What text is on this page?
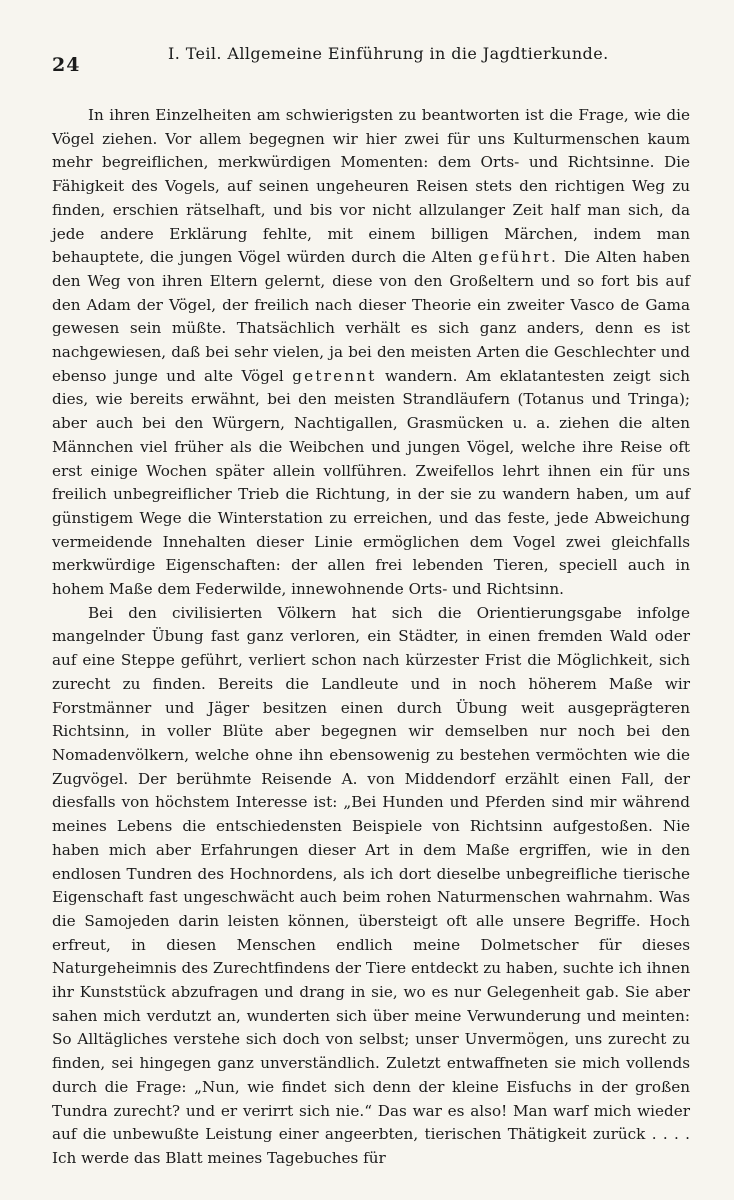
24
I. Teil. Allgemeine Einführung in die Jagdtierkunde.

In ihren Einzelheiten am schwierigsten zu beantworten ist die Frage, wie die Vögel ziehen. Vor allem begegnen wir hier zwei für uns Kulturmenschen kaum mehr begreiflichen, merkwürdigen Momenten: dem Orts- und Richtsinne. Die Fähigkeit des Vogels, auf seinen ungeheuren Reisen stets den richtigen Weg zu finden, erschien rätselhaft, und bis vor nicht allzulanger Zeit half man sich, da jede andere Erklärung fehlte, mit einem billigen Märchen, indem man behauptete, die jungen Vögel würden durch die Alten geführt. Die Alten haben den Weg von ihren Eltern gelernt, diese von den Großeltern und so fort bis auf den Adam der Vögel, der freilich nach dieser Theorie ein zweiter Vasco de Gama gewesen sein müßte. Thatsächlich verhält es sich ganz anders, denn es ist nachgewiesen, daß bei sehr vielen, ja bei den meisten Arten die Geschlechter und ebenso junge und alte Vögel getrennt wandern. Am eklatantesten zeigt sich dies, wie bereits erwähnt, bei den meisten Strandläufern (Totanus und Tringa); aber auch bei den Würgern, Nachtigallen, Grasmücken u. a. ziehen die alten Männchen viel früher als die Weibchen und jungen Vögel, welche ihre Reise oft erst einige Wochen später allein vollführen. Zweifellos lehrt ihnen ein für uns freilich unbegreiflicher Trieb die Richtung, in der sie zu wandern haben, um auf günstigem Wege die Winterstation zu erreichen, und das feste, jede Abweichung vermeidende Innehalten dieser Linie ermöglichen dem Vogel zwei gleichfalls merkwürdige Eigenschaften: der allen frei lebenden Tieren, speciell auch in hohem Maße dem Federwilde, innewohnende Orts- und Richtsinn.

Bei den civilisierten Völkern hat sich die Orientierungsgabe infolge mangelnder Übung fast ganz verloren, ein Städter, in einen fremden Wald oder auf eine Steppe geführt, verliert schon nach kürzester Frist die Möglichkeit, sich zurecht zu finden. Bereits die Landleute und in noch höherem Maße wir Forstmänner und Jäger besitzen einen durch Übung weit ausgeprägteren Richtsinn, in voller Blüte aber begegnen wir demselben nur noch bei den Nomadenvölkern, welche ohne ihn ebensowenig zu bestehen vermöchten wie die Zugvögel. Der berühmte Reisende A. von Middendorf erzählt einen Fall, der diesfalls von höchstem Interesse ist: „Bei Hunden und Pferden sind mir während meines Lebens die entschiedensten Beispiele von Richtsinn aufgestoßen. Nie haben mich aber Erfahrungen dieser Art in dem Maße ergriffen, wie in den endlosen Tundren des Hochnordens, als ich dort dieselbe unbegreifliche tierische Eigenschaft fast ungeschwächt auch beim rohen Naturmenschen wahrnahm. Was die Samojeden darin leisten können, übersteigt oft alle unsere Begriffe. Hoch erfreut, in diesen Menschen endlich meine Dolmetscher für dieses Naturgeheimnis des Zurechtfindens der Tiere entdeckt zu haben, suchte ich ihnen ihr Kunststück abzufragen und drang in sie, wo es nur Gelegenheit gab. Sie aber sahen mich verdutzt an, wunderten sich über meine Verwunderung und meinten: So Alltägliches verstehe sich doch von selbst; unser Unvermögen, uns zurecht zu finden, sei hingegen ganz unverständlich. Zuletzt entwaffneten sie mich vollends durch die Frage: „Nun, wie findet sich denn der kleine Eisfuchs in der großen Tundra zurecht? und er verirrt sich nie.“ Das war es also! Man warf mich wieder auf die unbewußte Leistung einer angeerbten, tierischen Thätigkeit zurück . . . . Ich werde das Blatt meines Tagebuches für
